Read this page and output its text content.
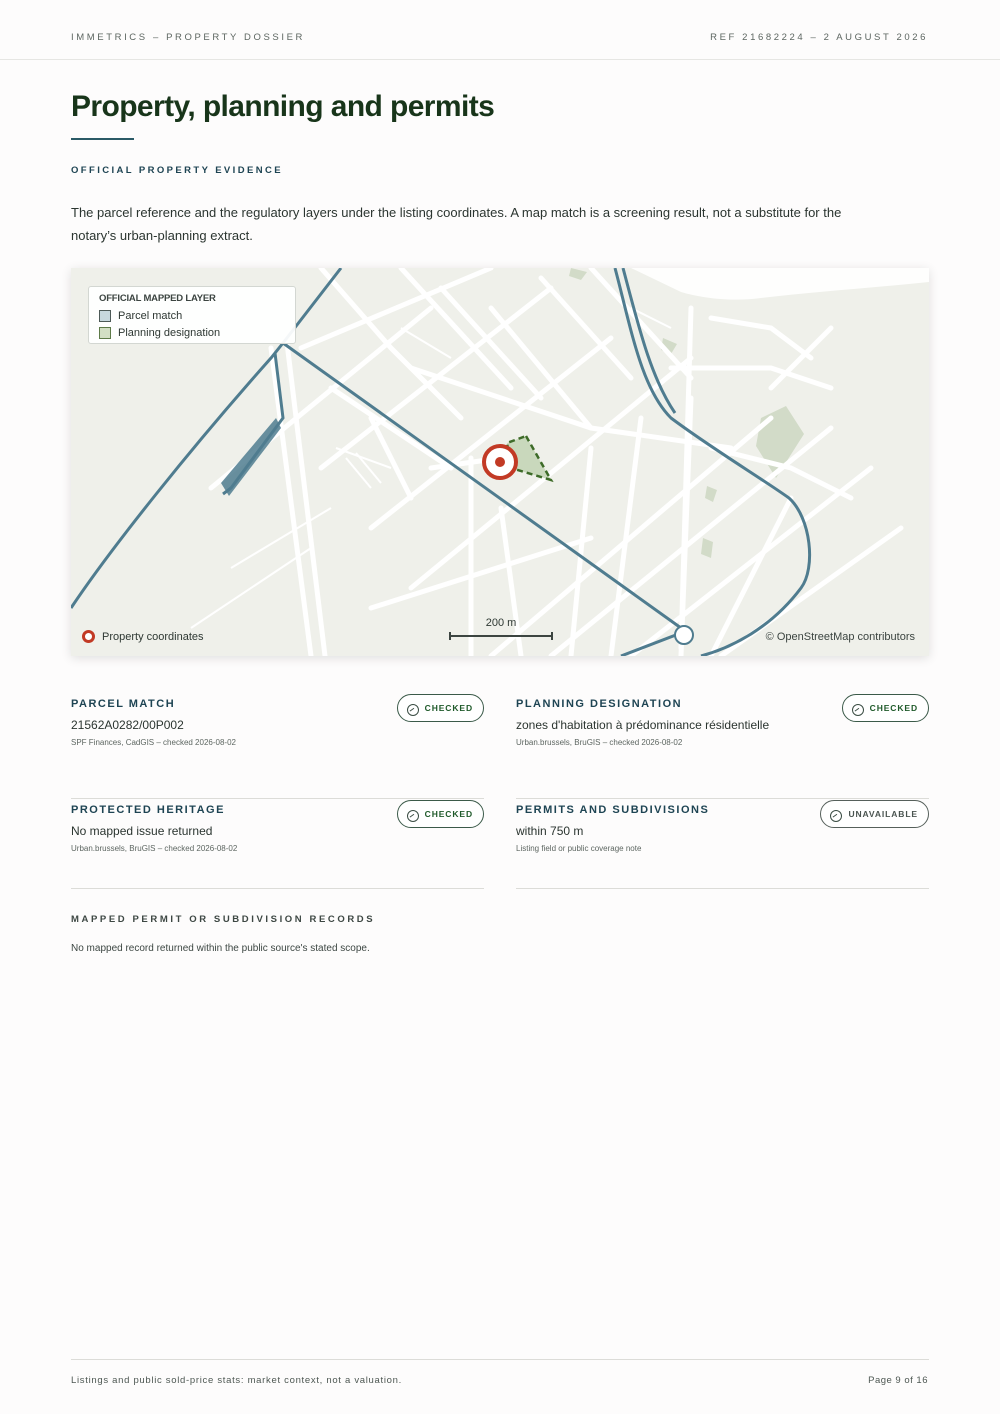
IMMETRICS – PROPERTY DOSSIER	REF 21682224 – 2 AUGUST 2026
Property, planning and permits
OFFICIAL PROPERTY EVIDENCE

The parcel reference and the regulatory layers under the listing coordinates. A map match is a screening result, not a substitute for the notary’s urban-planning extract.

OFFICIAL MAPPED LAYER
Parcel match
Planning designation
Property coordinates
200 m
© OpenStreetMap contributors
PARCEL MATCH
21562A0282/00P002
SPF Finances, CadGIS – checked 2026-08-02
CHECKED	PLANNING DESIGNATION
zones d'habitation à prédominance résidentielle
Urban.brussels, BruGIS – checked 2026-08-02
CHECKED
PROTECTED HERITAGE
No mapped issue returned
Urban.brussels, BruGIS – checked 2026-08-02
CHECKED	PERMITS AND SUBDIVISIONS
within 750 m
Listing field or public coverage note
UNAVAILABLE
MAPPED PERMIT OR SUBDIVISION RECORDS
No mapped record returned within the public source's stated scope.
Listings and public sold-price stats: market context, not a valuation.	Page 9 of 16
